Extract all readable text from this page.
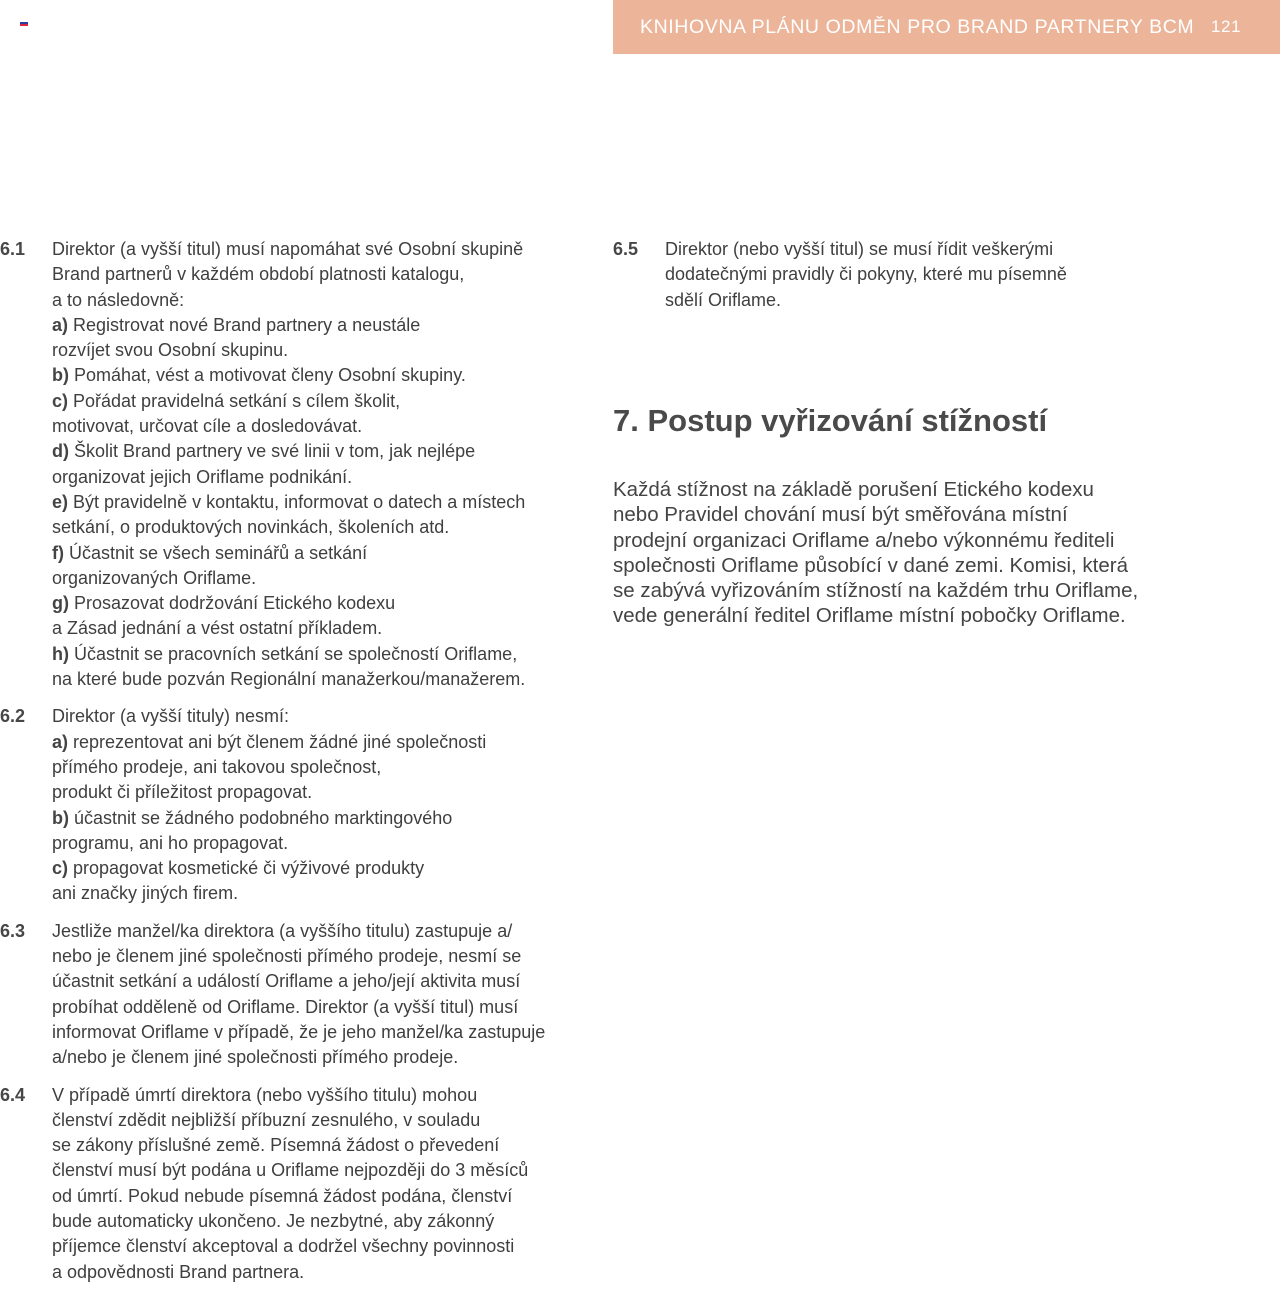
KNIHOVNA PLÁNU ODMĚN PRO BRAND PARTNERY BCM 121
6.1	Direktor (a vyšší titul) musí napomáhat své Osobní skupině
Brand partnerů v každém období platnosti katalogu,
a to následovně:
a) Registrovat nové Brand partnery a neustále
rozvíjet svou Osobní skupinu.
b) Pomáhat, vést a motivovat členy Osobní skupiny.
c) Pořádat pravidelná setkání s cílem školit,
motivovat, určovat cíle a dosledovávat.
d) Školit Brand partnery ve své linii v tom, jak nejlépe
organizovat jejich Oriflame podnikání.
e) Být pravidelně v kontaktu, informovat o datech a místech
setkání, o produktových novinkách, školeních atd.
f) Účastnit se všech seminářů a setkání
organizovaných Oriflame.
g) Prosazovat dodržování Etického kodexu
a Zásad jednání a vést ostatní příkladem.
h) Účastnit se pracovních setkání se společností Oriflame,
na které bude pozván Regionální manažerkou/manažerem.
6.2	Direktor (a vyšší tituly) nesmí:
a) reprezentovat ani být členem žádné jiné společnosti
přímého prodeje, ani takovou společnost,
produkt či příležitost propagovat.
b) účastnit se žádného podobného marktingového
programu, ani ho propagovat.
c) propagovat kosmetické či výživové produkty
ani značky jiných firem.
6.3	Jestliže manžel/ka direktora (a vyššího titulu) zastupuje a/
nebo je členem jiné společnosti přímého prodeje, nesmí se
účastnit setkání a událostí Oriflame a jeho/její aktivita musí
probíhat odděleně od Oriflame. Direktor (a vyšší titul) musí
informovat Oriflame v případě, že je jeho manžel/ka zastupuje
a/nebo je členem jiné společnosti přímého prodeje.
6.4	V případě úmrtí direktora (nebo vyššího titulu) mohou
členství zdědit nejbližší příbuzní zesnulého, v souladu
se zákony příslušné země. Písemná žádost o převedení
členství musí být podána u Oriflame nejpozději do 3 měsíců
od úmrtí. Pokud nebude písemná žádost podána, členství
bude automaticky ukončeno. Je nezbytné, aby zákonný
příjemce členství akceptoval a dodržel všechny povinnosti
a odpovědnosti Brand partnera.
6.5	Direktor (nebo vyšší titul) se musí řídit veškerými
dodatečnými pravidly či pokyny, které mu písemně
sdělí Oriflame.
7. Postup vyřizování stížností
Každá stížnost na základě porušení Etického kodexu
nebo Pravidel chování musí být směřována místní
prodejní organizaci Oriflame a/nebo výkonnému řediteli
společnosti Oriflame působící v dané zemi. Komisi, která
se zabývá vyřizováním stížností na každém trhu Oriflame,
vede generální ředitel Oriflame místní pobočky Oriflame.
